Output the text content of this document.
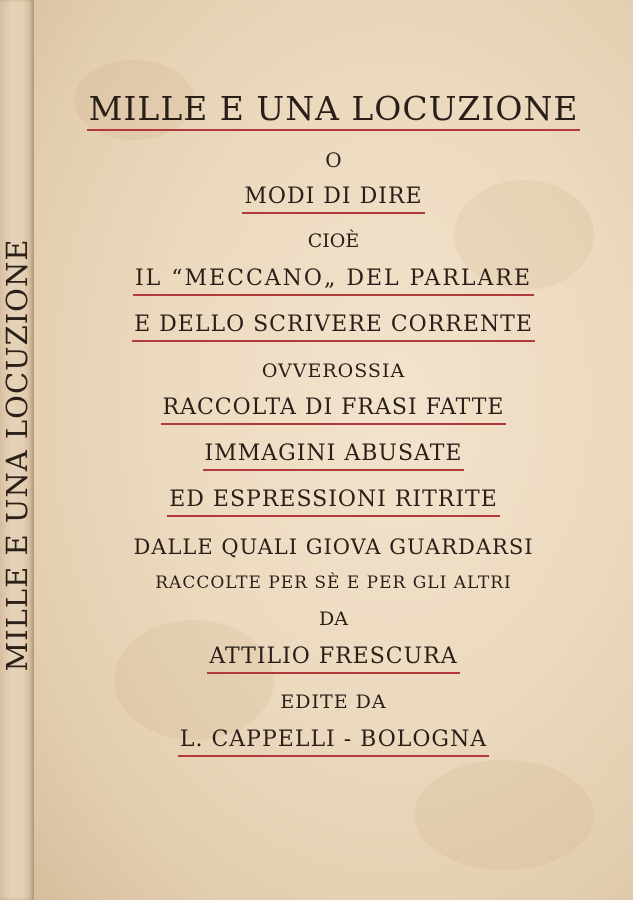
MILLE E UNA LOCUZIONE
MILLE E UNA LOCUZIONE
O
MODI DI DIRE
CIOÈ
IL “MECCANO„ DEL PARLARE
E DELLO SCRIVERE CORRENTE
OVVEROSSIA
RACCOLTA DI FRASI FATTE
IMMAGINI ABUSATE
ED ESPRESSIONI RITRITE
DALLE QUALI GIOVA GUARDARSI
RACCOLTE PER SÈ E PER GLI ALTRI
DA
ATTILIO FRESCURA
EDITE DA
L. CAPPELLI - BOLOGNA
